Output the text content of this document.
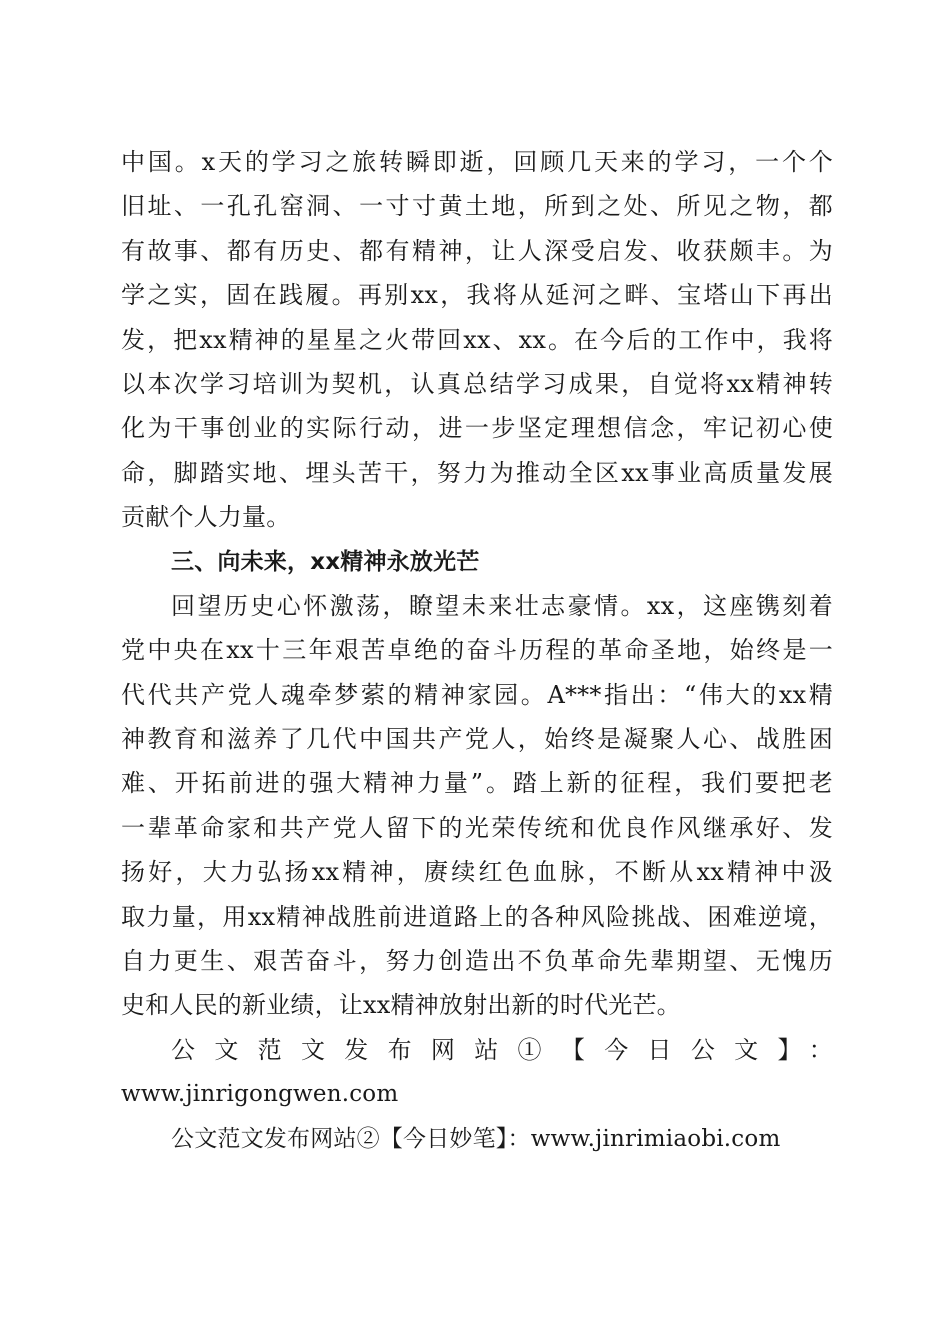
中国。x天的学习之旅转瞬即逝，回顾几天来的学习，一个个
旧址、一孔孔窑洞、一寸寸黄土地，所到之处、所见之物，都
有故事、都有历史、都有精神，让人深受启发、收获颇丰。为
学之实，固在践履。再别xx，我将从延河之畔、宝塔山下再出
发，把xx精神的星星之火带回xx、xx。在今后的工作中，我将
以本次学习培训为契机，认真总结学习成果，自觉将xx精神转
化为干事创业的实际行动，进一步坚定理想信念，牢记初心使
命，脚踏实地、埋头苦干，努力为推动全区xx事业高质量发展
贡献个人力量。
三、向未来，xx精神永放光芒
回望历史心怀激荡，瞭望未来壮志豪情。xx，这座镌刻着
党中央在xx十三年艰苦卓绝的奋斗历程的革命圣地，始终是一
代代共产党人魂牵梦萦的精神家园。A***指出：“伟大的xx精
神教育和滋养了几代中国共产党人，始终是凝聚人心、战胜困
难、开拓前进的强大精神力量”。踏上新的征程，我们要把老
一辈革命家和共产党人留下的光荣传统和优良作风继承好、发
扬好，大力弘扬xx精神，赓续红色血脉，不断从xx精神中汲
取力量，用xx精神战胜前进道路上的各种风险挑战、困难逆境，
自力更生、艰苦奋斗，努力创造出不负革命先辈期望、无愧历
史和人民的新业绩，让xx精神放射出新的时代光芒。
公文范文发布网站①【今日公文】：
www.jinrigongwen.com
公文范文发布网站②【今日妙笔】：www.jinrimiaobi.com
